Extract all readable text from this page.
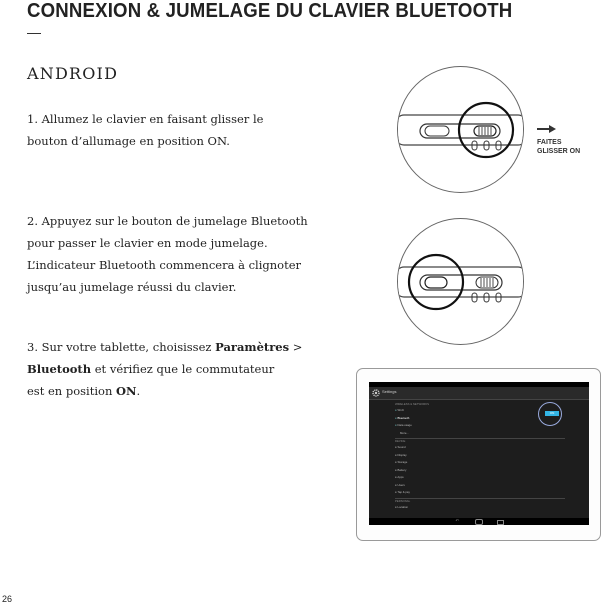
CONNEXION & JUMELAGE DU CLAVIER BLUETOOTH
—
ANDROID
1. Allumez le clavier en faisant glisser le
bouton d’allumage en position ON.
2. Appuyez sur le bouton de jumelage Bluetooth
pour passer le clavier en mode jumelage.
L’indicateur Bluetooth commencera à clignoter
jusqu’au jumelage réussi du clavier.
3. Sur votre tablette, choisissez Paramètres >
Bluetooth et vérifiez que le commutateur
est en position ON.
FAITES
GLISSER ON
Settings
WIRELESS & NETWORKS
● Wi-Fi
● Bluetooth
● Data usage
More...
DEVICE
● Sound
● Display
● Storage
● Battery
● Apps
● Users
● Tap & pay
PERSONAL
● Location
ON
↶
26
